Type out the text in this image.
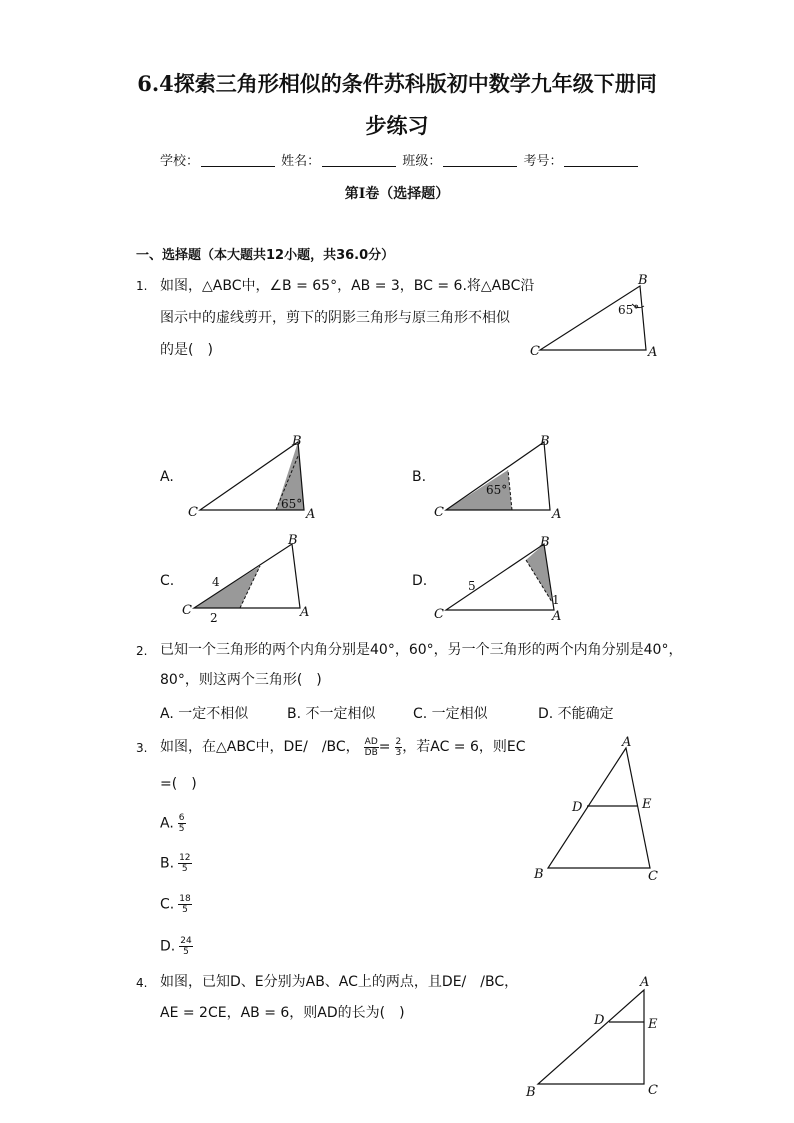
6.4探索三角形相似的条件苏科版初中数学九年级下册同
步练习
学校：	姓名：	班级：	考号：
第I卷（选择题）
一、选择题（本大题共12小题，共36.0分）
1. 如图，△ABC中，∠B = 65°，AB = 3，BC = 6.将△ABC沿
图示中的虚线剪开，剪下的阴影三角形与原三角形不相似
的是(　)
B
65°
C	A
A.
B
65°
C	A
B.
B
65°
C	A
C.
B
4
2
C	A
D.
B
5
1
C	A
2. 已知一个三角形的两个内角分别是40°，60°，另一个三角形的两个内角分别是40°，
80°，则这两个三角形(　)
A. 一定不相似	B. 不一定相似	C. 一定相似	D. 不能确定
3. 如图，在△ABC中，DE/　/BC， $\frac{AD}{DB} = \frac{2}{3}$ ，若AC = 6，则EC
=(　)
A. $\frac{6}{5}$
B. $\frac{12}{5}$
C. $\frac{18}{5}$
D. $\frac{24}{5}$
A
D	E
B	C
4. 如图，已知D、E分别为AB、AC上的两点，且DE/　/BC，
AE = 2CE，AB = 6，则AD的长为(　)
A
D	E
B	C
